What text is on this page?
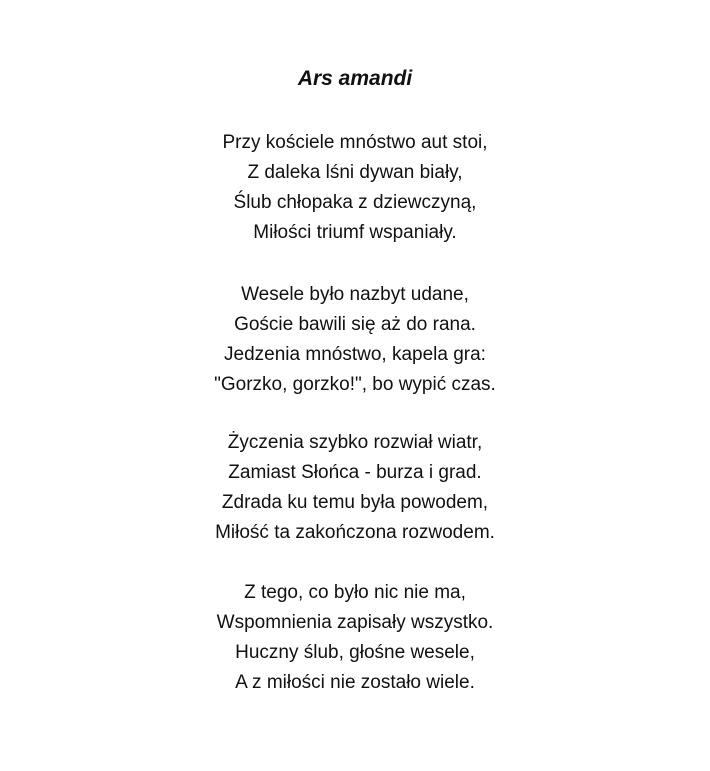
Ars amandi
Przy kościele mnóstwo aut stoi,
Z daleka lśni dywan biały,
Ślub chłopaka z dziewczyną,
Miłości triumf wspaniały.
Wesele było nazbyt udane,
Goście bawili się aż do rana.
Jedzenia mnóstwo, kapela gra:
"Gorzko, gorzko!", bo wypić czas.
Życzenia szybko rozwiał wiatr,
Zamiast Słońca - burza i grad.
Zdrada ku temu była powodem,
Miłość ta zakończona rozwodem.
Z tego, co było nic nie ma,
Wspomnienia zapisały wszystko.
Huczny ślub, głośne wesele,
A z miłości nie zostało wiele.
